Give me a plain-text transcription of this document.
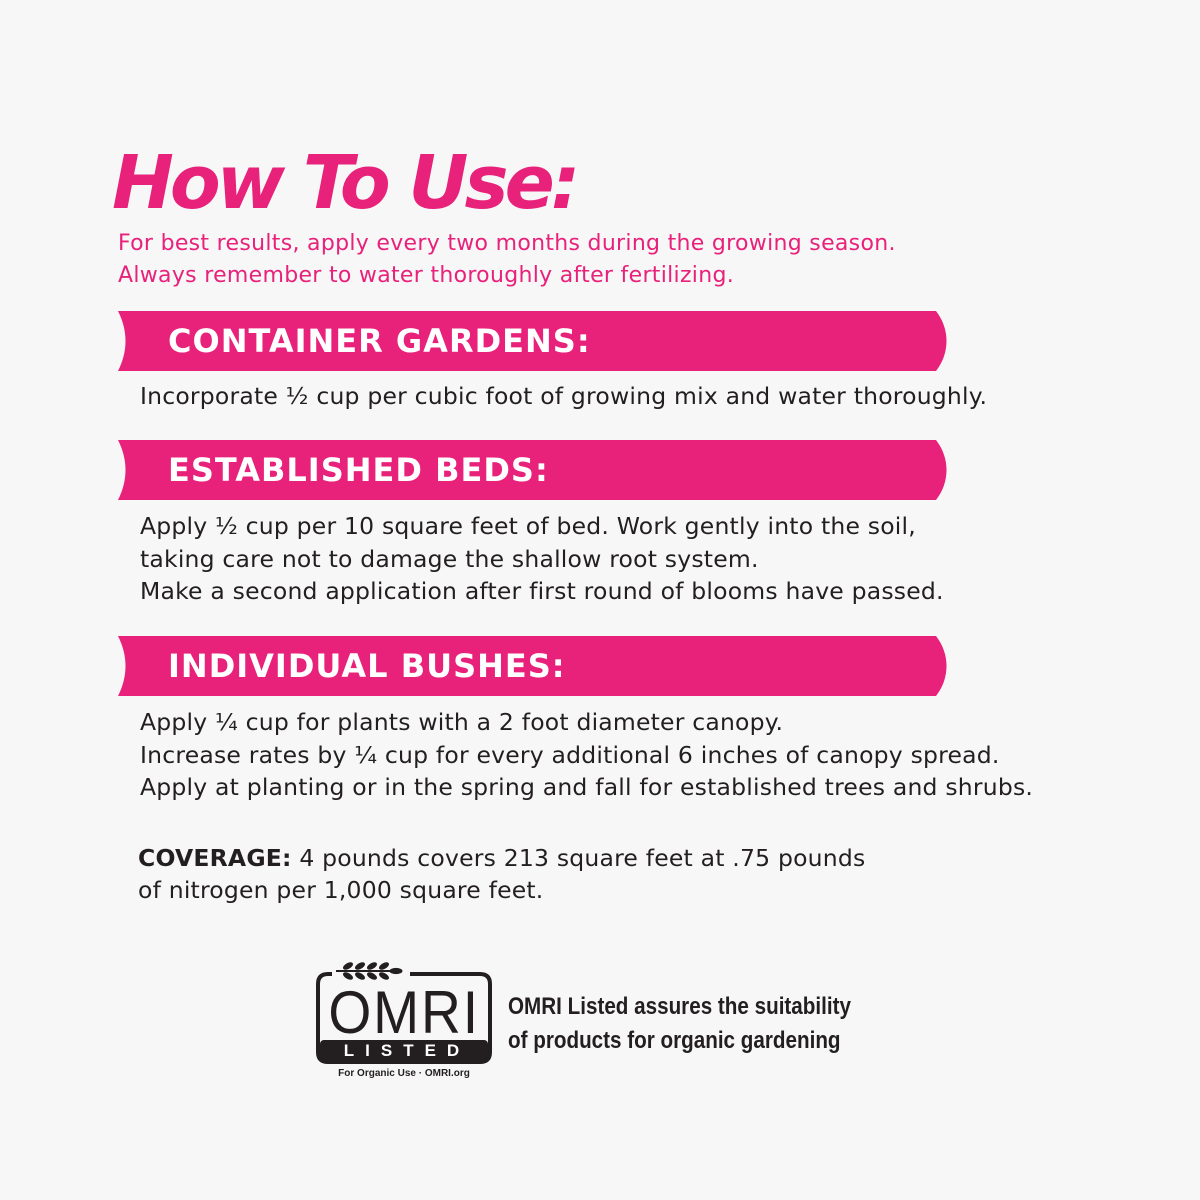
How To Use:
For best results, apply every two months during the growing season.
Always remember to water thoroughly after fertilizing.
CONTAINER GARDENS:
Incorporate ½ cup per cubic foot of growing mix and water thoroughly.
ESTABLISHED BEDS:
Apply ½ cup per 10 square feet of bed. Work gently into the soil,
taking care not to damage the shallow root system.
Make a second application after first round of blooms have passed.
INDIVIDUAL BUSHES:
Apply ¼ cup for plants with a 2 foot diameter canopy.
Increase rates by ¼ cup for every additional 6 inches of canopy spread.
Apply at planting or in the spring and fall for established trees and shrubs.
COVERAGE: 4 pounds covers 213 square feet at .75 pounds
of nitrogen per 1,000 square feet.
OMRI
LISTED
For Organic Use · OMRI.org
OMRI Listed assures the suitability
of products for organic gardening
